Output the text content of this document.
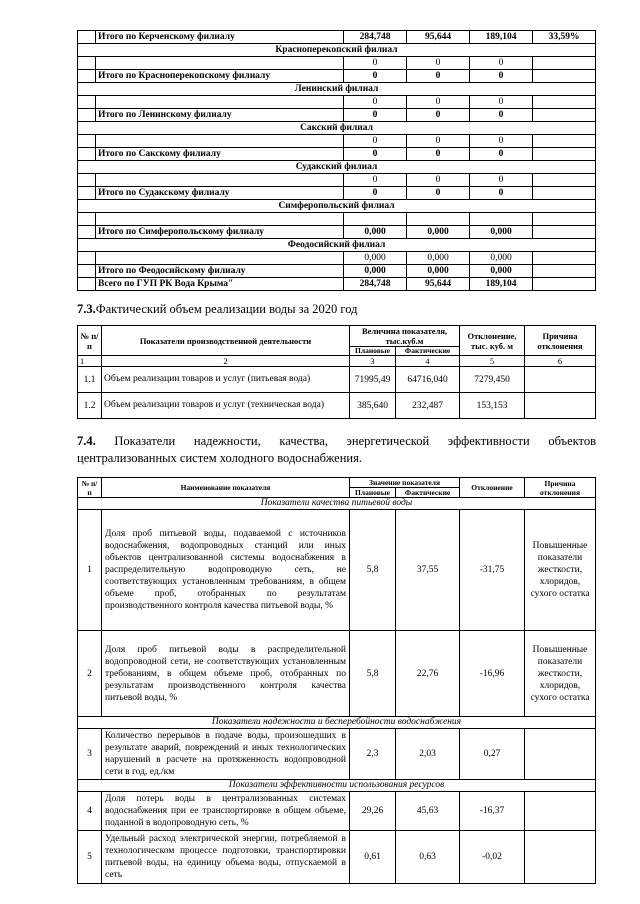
	Итого по Керченскому филиалу	284,748	95,644	189,104	33,59%
Красноперекопский филиал					
		0	0	0	
	Итого по Красноперекопскому филиалу	0	0	0	
Ленинский филиал					
		0	0	0	
	Итого по Ленинскому филиалу	0	0	0	
Сакский филиал					
		0	0	0	
	Итого по Сакскому филиалу	0	0	0	
Судакский филиал					
		0	0	0	
	Итого по Судакскому филиалу	0	0	0	
Симферопольский филиал					

	Итого по Симферопольскому филиалу	0,000	0,000	0,000	
Феодосийский филиал					
		0,000	0,000	0,000	
	Итого по Феодосийскому филиалу	0,000	0,000	0,000	
	Всего по ГУП РК Вода Крыма"	284,748	95,644	189,104	
7.3.Фактический объем реализации воды за 2020 год
№ п/п	Показатели производственной деятельности	Величина показателя, тыс.куб.м		Отклонение, тыс. куб. м	Причина отклонения
		Плановые	Фактические		
1	2	3	4	5	6
1.1	Объем реализации товаров и услуг (питьевая вода)	71995,49	64716,040	7279,450	
1.2	Объем реализации товаров и услуг (техническая вода)	385,640	232,487	153,153	
7.4. Показатели надежности, качества, энергетической эффективности объектов
централизованных систем холодного водоснабжения.
№ п/п	Наименование показателя	Значение показателя		Отклонение	Причина отклонения
		Плановые	Фактические		
Показатели качества питьевой воды					
1	Доля проб питьевой воды, подаваемой с источников водоснабжения, водопроводных станций или иных объектов централизованной системы водоснабжения в распределительную водопроводную сеть, не соответствующих установленным требованиям, в общем объеме проб, отобранных по результатам производственного контроля качества питьевой воды, %	5,8	37,55	-31,75	Повышенные показатели жесткости, хлоридов, сухого остатка
2	Доля проб питьевой воды в распределительной водопроводной сети, не соответствующих установленным требованиям, в общем объеме проб, отобранных по результатам производственного контроля качества питьевой воды, %	5,8	22,76	-16,96	Повышенные показатели жесткости, хлоридов, сухого остатка
Показатели надежности и бесперебойности водоснабжения					
3	Количество перерывов в подаче воды, произошедших в результате аварий, повреждений и иных технологических нарушений в расчете на протяженность водопроводной сети в год, ед./км	2,3	2,03	0,27	
Показатели эффективности использования ресурсов					
4	Доля потерь воды в централизованных системах водоснабжения при ее транспортировке в общем объеме, поданной в водопроводную сеть, %	29,26	45,63	-16,37	
5	Удельный расход электрической энергии, потребляемой в технологическом процессе подготовки, транспортировки питьевой воды, на единицу объема воды, отпускаемой в сеть	0,61	0,63	-0,02	
